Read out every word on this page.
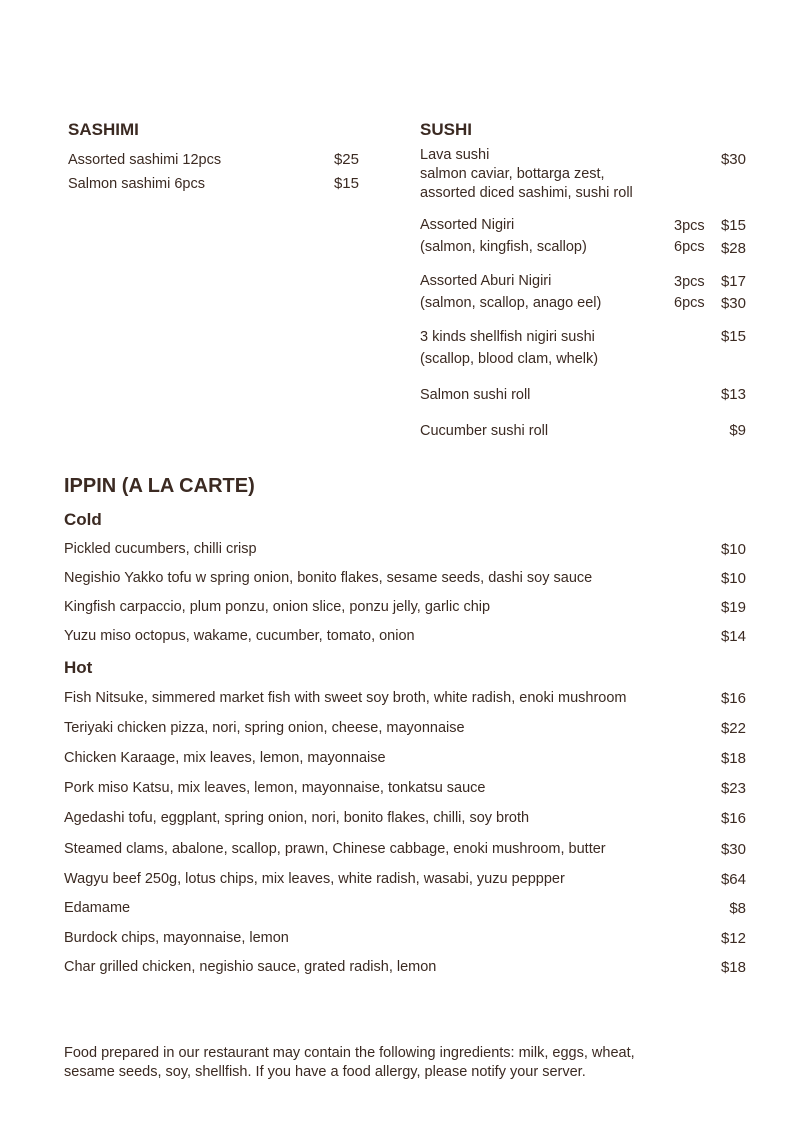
SASHIMI
Assorted sashimi 12pcs	$25
Salmon sashimi 6pcs	$15
SUSHI
Lava sushi
salmon caviar, bottarga zest,
assorted diced sashimi, sushi roll
$30
Assorted Nigiri
(salmon, kingfish, scallop)
3pcs	$15
6pcs	$28
Assorted Aburi Nigiri
(salmon, scallop, anago eel)
3pcs	$17
6pcs	$30
3 kinds shellfish nigiri sushi
(scallop, blood clam, whelk)
$15
Salmon sushi roll	$13
Cucumber sushi roll	$9
IPPIN (A LA CARTE)
Cold
Pickled cucumbers, chilli crisp	$10
Negishio Yakko tofu w spring onion, bonito flakes, sesame seeds, dashi soy sauce	$10
Kingfish carpaccio, plum ponzu, onion slice, ponzu jelly, garlic chip	$19
Yuzu miso octopus, wakame, cucumber, tomato, onion	$14
Hot
Fish Nitsuke, simmered market fish with sweet soy broth, white radish, enoki mushroom	$16
Teriyaki chicken pizza, nori, spring onion, cheese, mayonnaise	$22
Chicken Karaage, mix leaves, lemon, mayonnaise	$18
Pork miso Katsu, mix leaves, lemon, mayonnaise, tonkatsu sauce	$23
Agedashi tofu, eggplant, spring onion, nori, bonito flakes, chilli, soy broth	$16
Steamed clams, abalone, scallop, prawn, Chinese cabbage, enoki mushroom, butter	$30
Wagyu beef 250g, lotus chips, mix leaves, white radish, wasabi, yuzu peppper	$64
Edamame	$8
Burdock chips, mayonnaise, lemon	$12
Char grilled chicken, negishio sauce, grated radish, lemon	$18
Food prepared in our restaurant may contain the following ingredients: milk, eggs, wheat,
sesame seeds, soy, shellfish. If you have a food allergy, please notify your server.
